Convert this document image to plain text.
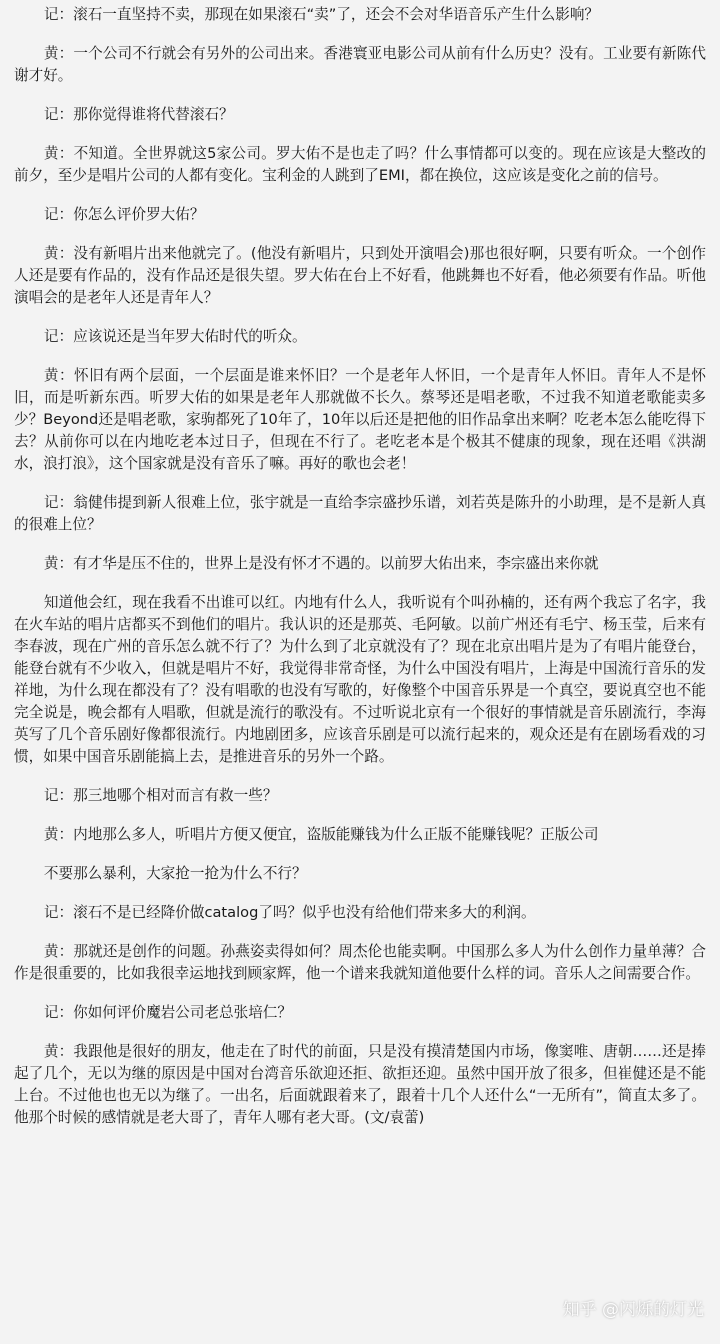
记：滚石一直坚持不卖，那现在如果滚石“卖”了，还会不会对华语音乐产生什么影响？

黄：一个公司不行就会有另外的公司出来。香港寰亚电影公司从前有什么历史？没有。工业要有新陈代谢才好。

记：那你觉得谁将代替滚石？

黄：不知道。全世界就这5家公司。罗大佑不是也走了吗？什么事情都可以变的。现在应该是大整改的前夕，至少是唱片公司的人都有变化。宝利金的人跳到了EMI，都在换位，这应该是变化之前的信号。

记：你怎么评价罗大佑？

黄：没有新唱片出来他就完了。(他没有新唱片，只到处开演唱会)那也很好啊，只要有听众。一个创作人还是要有作品的，没有作品还是很失望。罗大佑在台上不好看，他跳舞也不好看，他必须要有作品。听他演唱会的是老年人还是青年人？

记：应该说还是当年罗大佑时代的听众。

黄：怀旧有两个层面，一个层面是谁来怀旧？一个是老年人怀旧，一个是青年人怀旧。青年人不是怀旧，而是听新东西。听罗大佑的如果是老年人那就做不长久。蔡琴还是唱老歌，不过我不知道老歌能卖多少？Beyond还是唱老歌，家驹都死了10年了，10年以后还是把他的旧作品拿出来啊？吃老本怎么能吃得下去？从前你可以在内地吃老本过日子，但现在不行了。老吃老本是个极其不健康的现象，现在还唱《洪湖水，浪打浪》，这个国家就是没有音乐了嘛。再好的歌也会老！

记：翁健伟提到新人很难上位，张宇就是一直给李宗盛抄乐谱，刘若英是陈升的小助理，是不是新人真的很难上位？

黄：有才华是压不住的，世界上是没有怀才不遇的。以前罗大佑出来，李宗盛出来你就

知道他会红，现在我看不出谁可以红。内地有什么人，我听说有个叫孙楠的，还有两个我忘了名字，我在火车站的唱片店都买不到他们的唱片。我认识的还是那英、毛阿敏。以前广州还有毛宁、杨玉莹，后来有李春波，现在广州的音乐怎么就不行了？为什么到了北京就没有了？现在北京出唱片是为了有唱片能登台，能登台就有不少收入，但就是唱片不好，我觉得非常奇怪，为什么中国没有唱片，上海是中国流行音乐的发祥地，为什么现在都没有了？没有唱歌的也没有写歌的，好像整个中国音乐界是一个真空，要说真空也不能完全说是，晚会都有人唱歌，但就是流行的歌没有。不过听说北京有一个很好的事情就是音乐剧流行，李海英写了几个音乐剧好像都很流行。内地剧团多，应该音乐剧是可以流行起来的，观众还是有在剧场看戏的习惯，如果中国音乐剧能搞上去，是推进音乐的另外一个路。

记：那三地哪个相对而言有救一些？

黄：内地那么多人，听唱片方便又便宜，盗版能赚钱为什么正版不能赚钱呢？正版公司

不要那么暴利，大家抢一抢为什么不行？

记：滚石不是已经降价做catalog了吗？似乎也没有给他们带来多大的利润。

黄：那就还是创作的问题。孙燕姿卖得如何？周杰伦也能卖啊。中国那么多人为什么创作力量单薄？合作是很重要的，比如我很幸运地找到顾家辉，他一个谱来我就知道他要什么样的词。音乐人之间需要合作。

记：你如何评价魔岩公司老总张培仁？

黄：我跟他是很好的朋友，他走在了时代的前面，只是没有摸清楚国内市场，像窦唯、唐朝……还是捧起了几个，无以为继的原因是中国对台湾音乐欲迎还拒、欲拒还迎。虽然中国开放了很多，但崔健还是不能上台。不过他也也无以为继了。一出名，后面就跟着来了，跟着十几个人还什么“一无所有”，简直太多了。他那个时候的感情就是老大哥了，青年人哪有老大哥。(文/袁蕾)

知乎 @闪烁的灯光
